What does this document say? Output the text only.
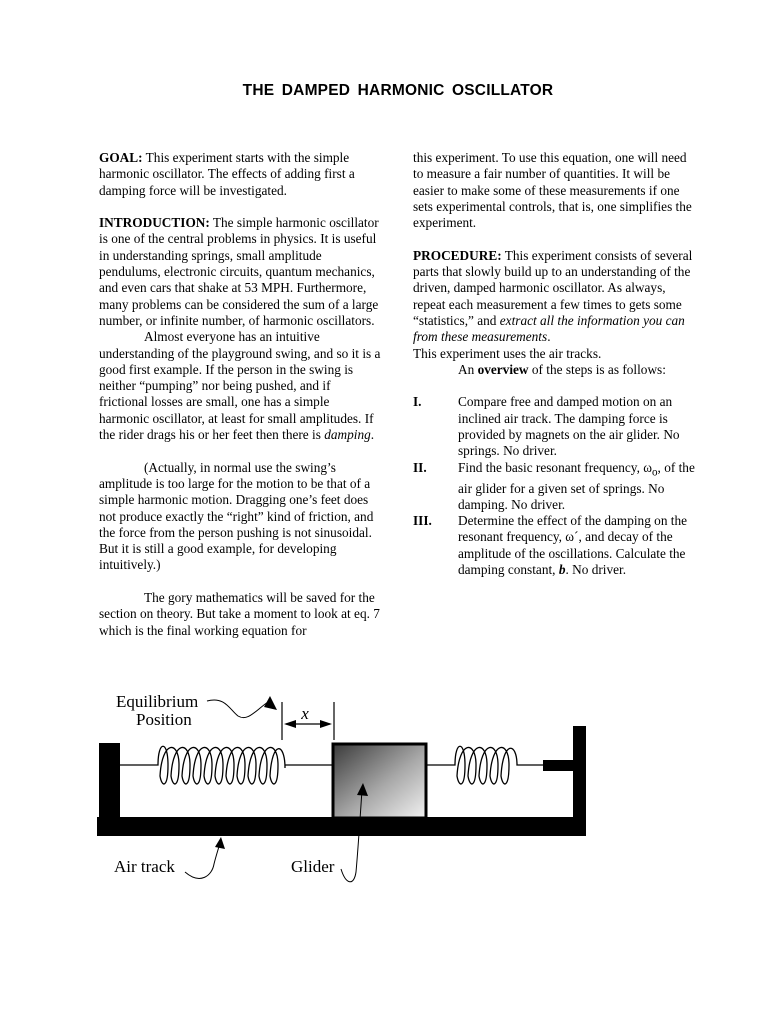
THE DAMPED HARMONIC OSCILLATOR

GOAL: This experiment starts with the simple harmonic oscillator. The effects of adding first a damping force will be investigated.

INTRODUCTION: The simple harmonic oscillator is one of the central problems in physics. It is useful in understanding springs, small amplitude pendulums, electronic circuits, quantum mechanics, and even cars that shake at 53 MPH. Furthermore, many problems can be considered the sum of a large number, or infinite number, of harmonic oscillators.

Almost everyone has an intuitive understanding of the playground swing, and so it is a good first example. If the person in the swing is neither “pumping” nor being pushed, and if frictional losses are small, one has a simple harmonic oscillator, at least for small amplitudes. If the rider drags his or her feet then there is damping.

(Actually, in normal use the swing’s amplitude is too large for the motion to be that of a simple harmonic motion. Dragging one’s feet does not produce exactly the “right” kind of friction, and the force from the person pushing is not sinusoidal. But it is still a good example, for developing intuitively.)

The gory mathematics will be saved for the section on theory. But take a moment to look at eq. 7 which is the final working equation for

this experiment. To use this equation, one will need to measure a fair number of quantities. It will be easier to make some of these measurements if one sets experimental controls, that is, one simplifies the experiment.

PROCEDURE: This experiment consists of several parts that slowly build up to an understanding of the driven, damped harmonic oscillator. As always, repeat each measurement a few times to gets some “statistics,” and extract all the information you can from these measurements.

This experiment uses the air tracks.

An overview of the steps is as follows:

I.	Compare free and damped motion on an inclined air track. The damping force is provided by magnets on the air glider. No springs. No driver.
II.	Find the basic resonant frequency, $\omega_o$, of the air glider for a given set of springs. No damping. No driver.
III.	Determine the effect of the damping on the resonant frequency, ω´, and decay of the amplitude of the oscillations. Calculate the damping constant, b. No driver.
x
Equilibrium
Position
Air track	Glider
